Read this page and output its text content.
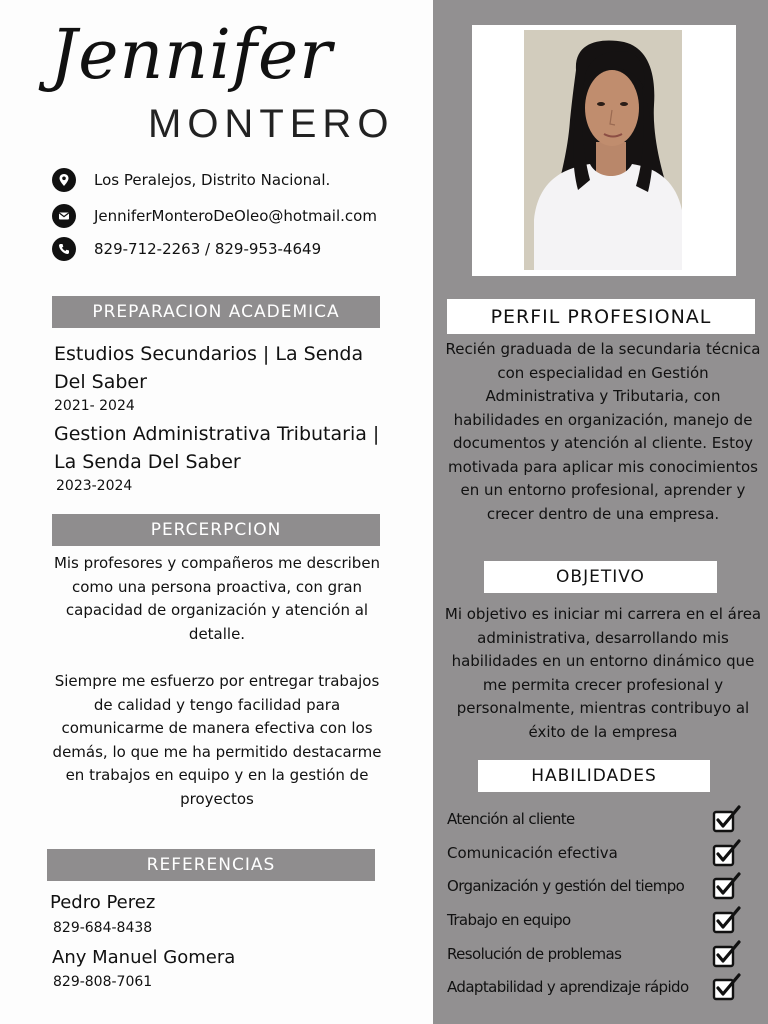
Jennifer
MONTERO
Los Peralejos, Distrito Nacional.
JenniferMonteroDeOleo@hotmail.com
829-712-2263 / 829-953-4649
PREPARACION ACADEMICA
Estudios Secundarios | La Senda Del Saber
2021- 2024
Gestion Administrativa Tributaria | La Senda Del Saber
2023-2024
PERCERPCION
Mis profesores y compañeros me describen como una persona proactiva, con gran capacidad de organización y atención al detalle.
Siempre me esfuerzo por entregar trabajos de calidad y tengo facilidad para comunicarme de manera efectiva con los demás, lo que me ha permitido destacarme en trabajos en equipo y en la gestión de proyectos
REFERENCIAS
Pedro Perez
829-684-8438
Any Manuel Gomera
829-808-7061
PERFIL PROFESIONAL
Recién graduada de la secundaria técnica con especialidad en Gestión Administrativa y Tributaria, con habilidades en organización, manejo de documentos y atención al cliente. Estoy motivada para aplicar mis conocimientos en un entorno profesional, aprender y crecer dentro de una empresa.
OBJETIVO
Mi objetivo es iniciar mi carrera en el área administrativa, desarrollando mis habilidades en un entorno dinámico que me permita crecer profesional y personalmente, mientras contribuyo al éxito de la empresa
HABILIDADES
Atención al cliente
Comunicación efectiva
Organización y gestión del tiempo
Trabajo en equipo
Resolución de problemas
Adaptabilidad y aprendizaje rápido
